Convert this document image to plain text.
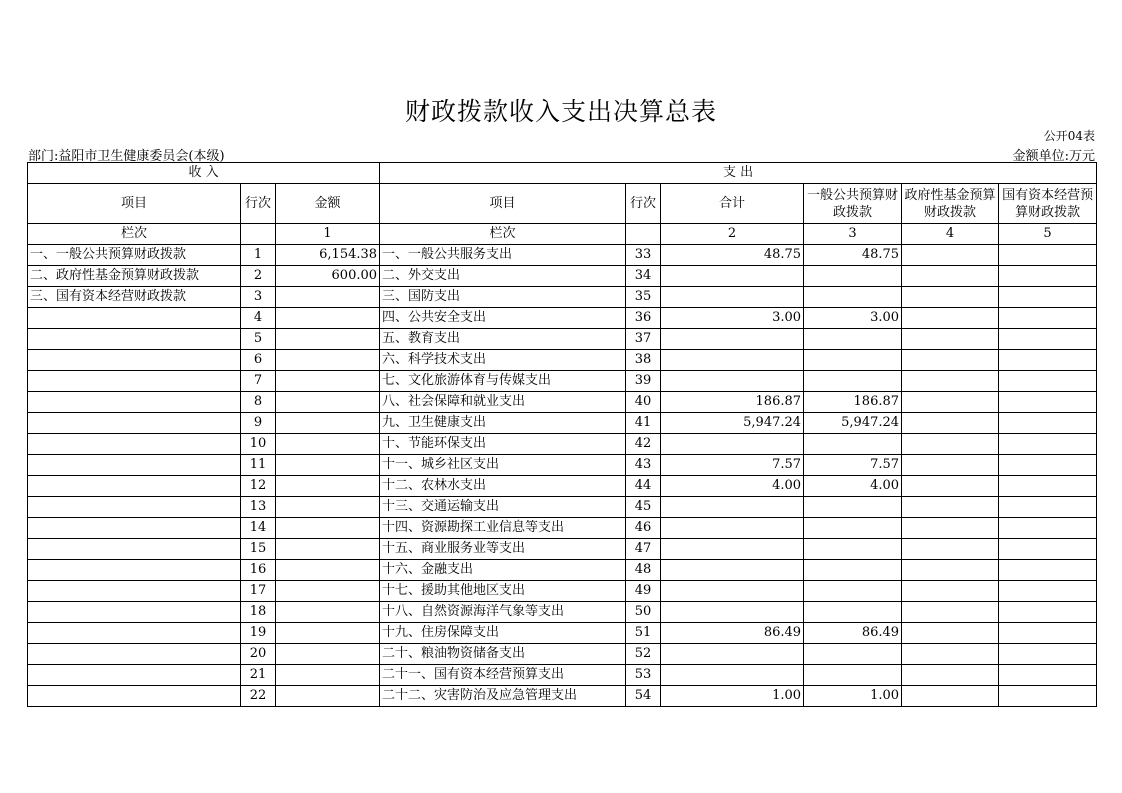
财政拨款收入支出决算总表
公开04表
部门:益阳市卫生健康委员会(本级)	金额单位:万元
收 入			支 出					
项目	行次	金额	项目	行次	合计	一般公共预算财政拨款	政府性基金预算财政拨款	国有资本经营预算财政拨款
栏次		1	栏次		2	3	4	5
一、一般公共预算财政拨款	1	6,154.38	一、一般公共服务支出	33	48.75	48.75		
二、政府性基金预算财政拨款	2	600.00	二、外交支出	34				
三、国有资本经营财政拨款	3		三、国防支出	35				
	4		四、公共安全支出	36	3.00	3.00		
	5		五、教育支出	37				
	6		六、科学技术支出	38				
	7		七、文化旅游体育与传媒支出	39				
	8		八、社会保障和就业支出	40	186.87	186.87		
	9		九、卫生健康支出	41	5,947.24	5,947.24		
	10		十、节能环保支出	42				
	11		十一、城乡社区支出	43	7.57	7.57		
	12		十二、农林水支出	44	4.00	4.00		
	13		十三、交通运输支出	45				
	14		十四、资源勘探工业信息等支出	46				
	15		十五、商业服务业等支出	47				
	16		十六、金融支出	48				
	17		十七、援助其他地区支出	49				
	18		十八、自然资源海洋气象等支出	50				
	19		十九、住房保障支出	51	86.49	86.49		
	20		二十、粮油物资储备支出	52				
	21		二十一、国有资本经营预算支出	53				
	22		二十二、灾害防治及应急管理支出	54	1.00	1.00		
